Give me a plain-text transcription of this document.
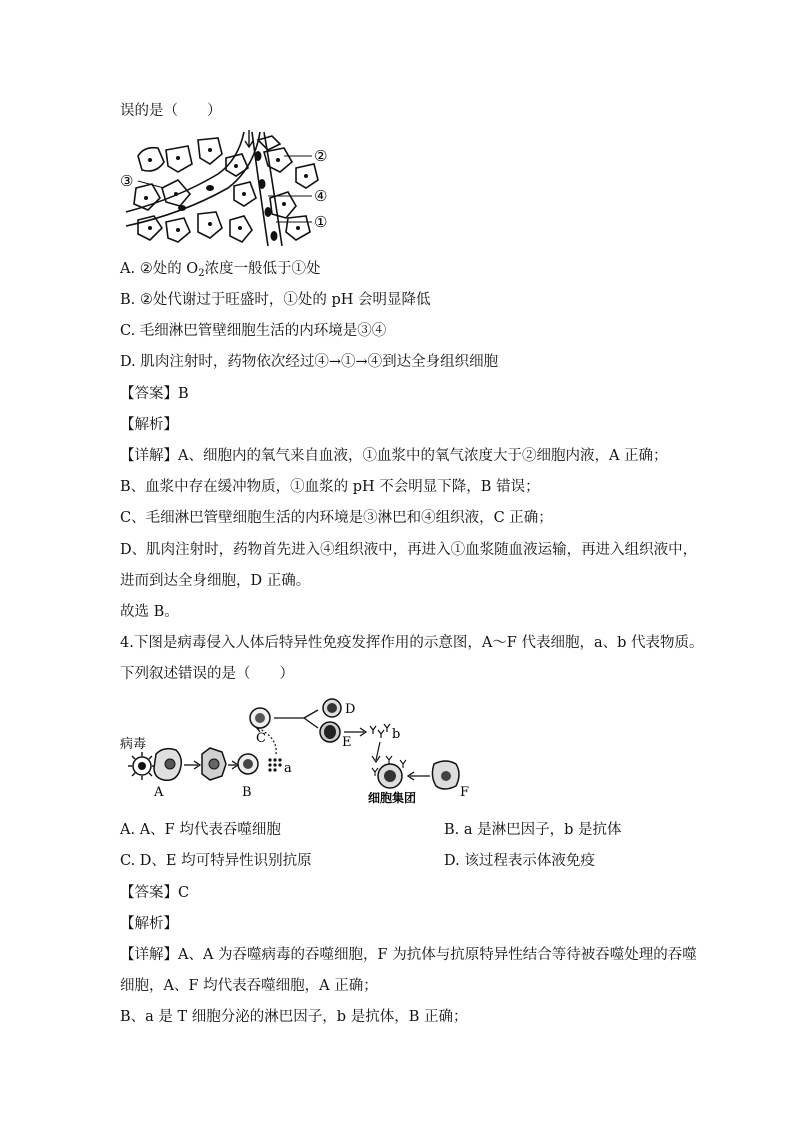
误的是（　　）
③
②
④
①
A. ②处的 $O_2$浓度一般低于①处
B. ②处代谢过于旺盛时，①处的 pH 会明显降低
C. 毛细淋巴管壁细胞生活的内环境是③④
D. 肌肉注射时，药物依次经过④→①→④到达全身组织细胞
【答案】B
【解析】
【详解】A、细胞内的氧气来自血液，①血浆中的氧气浓度大于②细胞内液，A 正确；
B、血浆中存在缓冲物质，①血浆的 pH 不会明显下降，B 错误；
C、毛细淋巴管壁细胞生活的内环境是③淋巴和④组织液，C 正确；
D、肌肉注射时，药物首先进入④组织液中，再进入①血浆随血液运输，再进入组织液中，
进而到达全身细胞，D 正确。
故选 B。
4.下图是病毒侵入人体后特异性免疫发挥作用的示意图，A～F 代表细胞，a、b 代表物质。
下列叙述错误的是（　　）
病毒
A	B
a
C
D
E
b
细胞集团	F
A. A、F 均代表吞噬细胞	B. a 是淋巴因子，b 是抗体
C. D、E 均可特异性识别抗原	D. 该过程表示体液免疫
【答案】C
【解析】
【详解】A、A 为吞噬病毒的吞噬细胞，F 为抗体与抗原特异性结合等待被吞噬处理的吞噬
细胞，A、F 均代表吞噬细胞，A 正确；
B、a 是 T 细胞分泌的淋巴因子，b 是抗体，B 正确；
